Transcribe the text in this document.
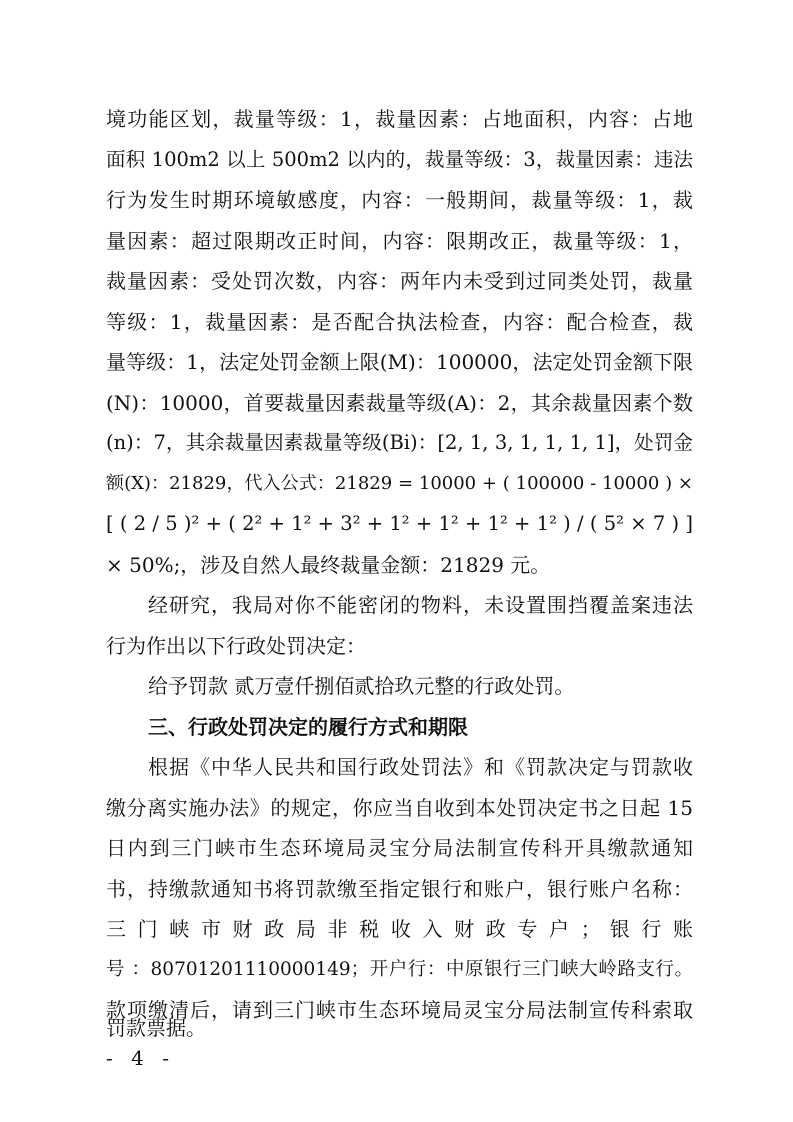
境功能区划，裁量等级：1，裁量因素：占地面积，内容：占地
面积 100m2 以上 500m2 以内的，裁量等级：3，裁量因素：违法
行为发生时期环境敏感度，内容：一般期间，裁量等级：1，裁
量因素：超过限期改正时间，内容：限期改正，裁量等级：1，
裁量因素：受处罚次数，内容：两年内未受到过同类处罚，裁量
等级：1，裁量因素：是否配合执法检查，内容：配合检查，裁
量等级：1，法定处罚金额上限(M)：100000，法定处罚金额下限
(N)：10000，首要裁量因素裁量等级(A)：2，其余裁量因素个数
(n)：7，其余裁量因素裁量等级(Bi)：[2, 1, 3, 1, 1, 1, 1]，处罚金
额(X)：21829，代入公式：21829 = 10000 + ( 100000 - 10000 ) ×
[ ( 2 / 5 )² + ( 2² + 1² + 3² + 1² + 1² + 1² + 1² ) / ( 5² × 7 ) ]
× 50%;，涉及自然人最终裁量金额：21829 元。
经研究，我局对你不能密闭的物料，未设置围挡覆盖案违法
行为作出以下行政处罚决定：
给予罚款 贰万壹仟捌佰贰拾玖元整的行政处罚。
三、行政处罚决定的履行方式和期限
根据《中华人民共和国行政处罚法》和《罚款决定与罚款收
缴分离实施办法》的规定，你应当自收到本处罚决定书之日起 15
日内到三门峡市生态环境局灵宝分局法制宣传科开具缴款通知
书，持缴款通知书将罚款缴至指定银行和账户，银行账户名称：
三 门 峡 市 财 政 局 非 税 收 入 财 政 专 户 ； 银 行 账
号 ：80701201110000149；开户行：中原银行三门峡大岭路支行。
款项缴清后，请到三门峡市生态环境局灵宝分局法制宣传科索取
- 4 -
罚款票据。
